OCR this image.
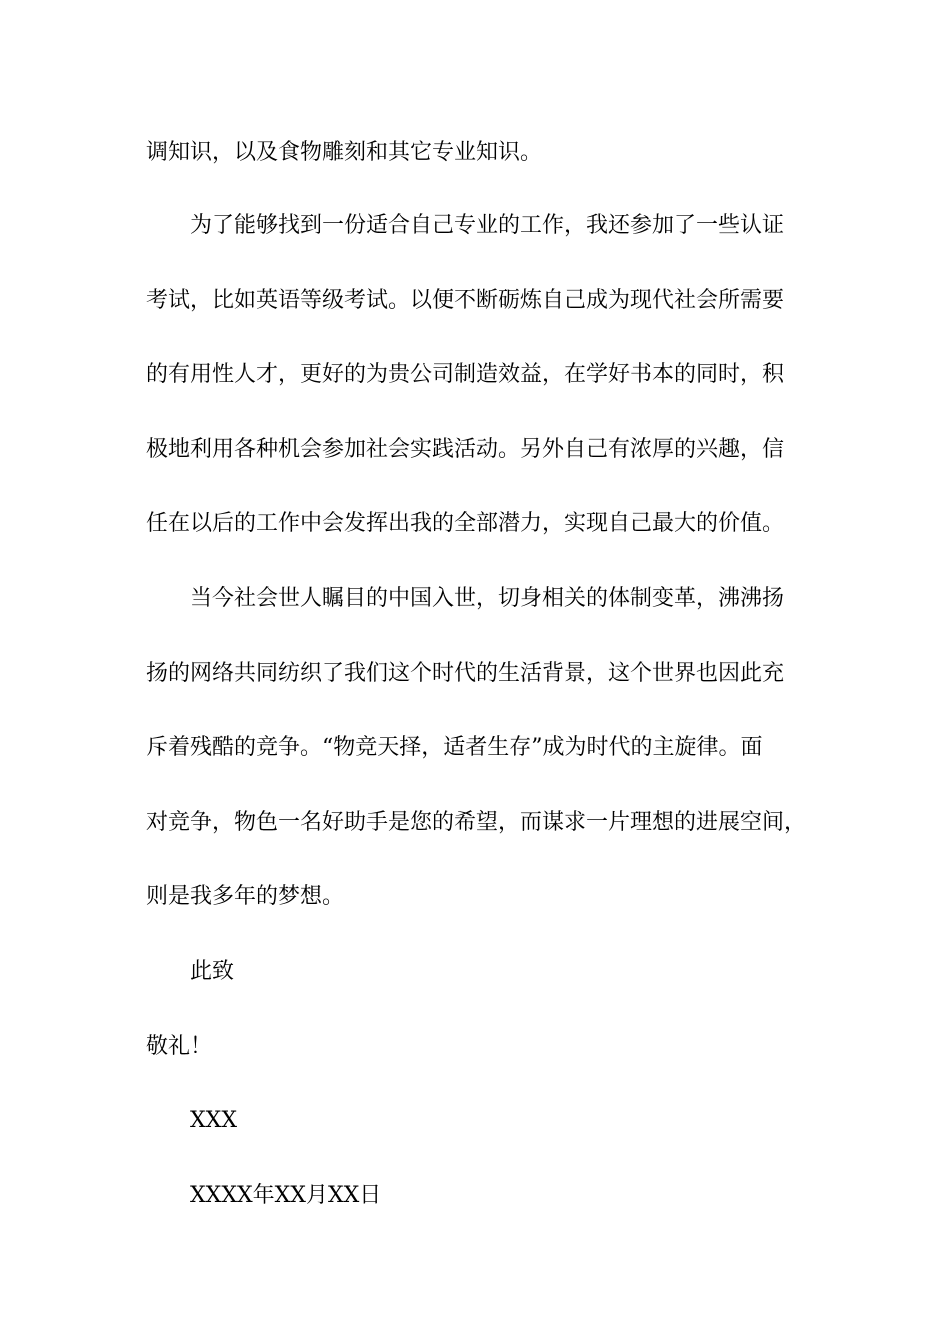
调知识，以及食物雕刻和其它专业知识。
为了能够找到一份适合自己专业的工作，我还参加了一些认证
考试，比如英语等级考试。以便不断砺炼自己成为现代社会所需要
的有用性人才，更好的为贵公司制造效益，在学好书本的同时，积
极地利用各种机会参加社会实践活动。另外自己有浓厚的兴趣，信
任在以后的工作中会发挥出我的全部潜力，实现自己最大的价值。
当今社会世人瞩目的中国入世，切身相关的体制变革，沸沸扬
扬的网络共同纺织了我们这个时代的生活背景，这个世界也因此充
斥着残酷的竞争。“物竞天择，适者生存”成为时代的主旋律。面
对竞争，物色一名好助手是您的希望，而谋求一片理想的进展空间，
则是我多年的梦想。
此致
敬礼！
XXX
XXXX年XX月XX日
